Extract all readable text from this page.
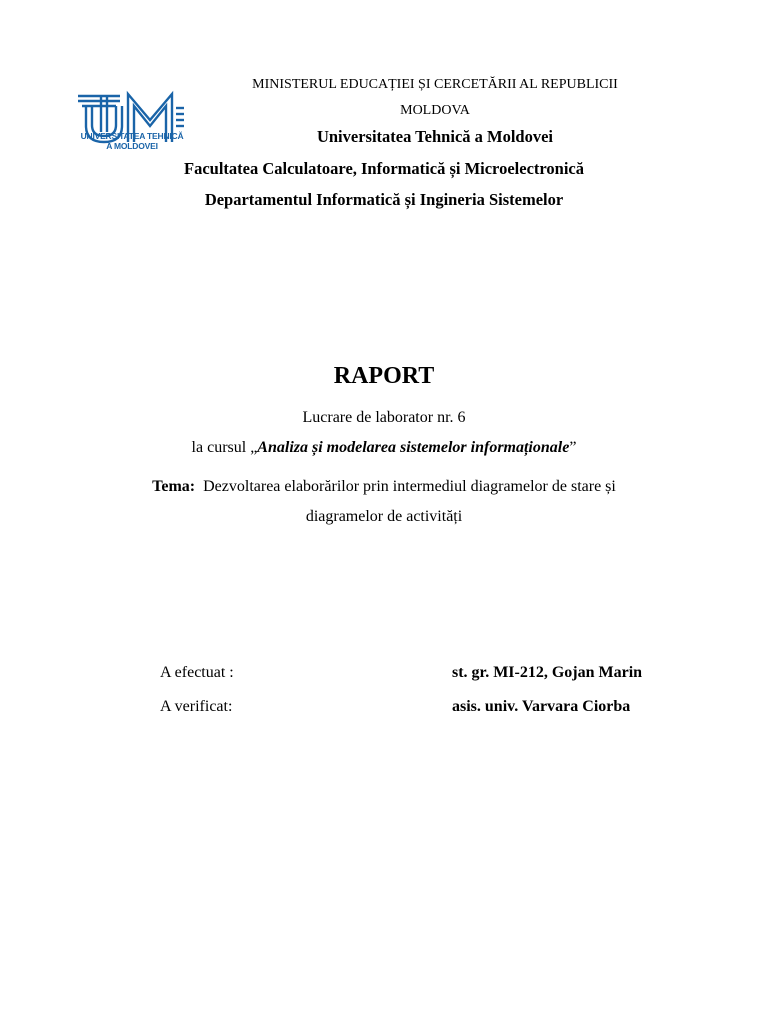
UNIVERSITATEA TEHNICĂ
A MOLDOVEI
MINISTERUL EDUCAȚIEI ȘI CERCETĂRII AL REPUBLICII
MOLDOVA
Universitatea Tehnică a Moldovei
Facultatea Calculatoare, Informatică și Microelectronică
Departamentul Informatică și Ingineria Sistemelor
RAPORT
Lucrare de laborator nr. 6
la cursul „Analiza și modelarea sistemelor informaționale”
Tema: Dezvoltarea elaborărilor prin intermediul diagramelor de stare și
diagramelor de activități
A efectuat :	st. gr. MI-212, Gojan Marin
A verificat:	asis. univ. Varvara Ciorba
